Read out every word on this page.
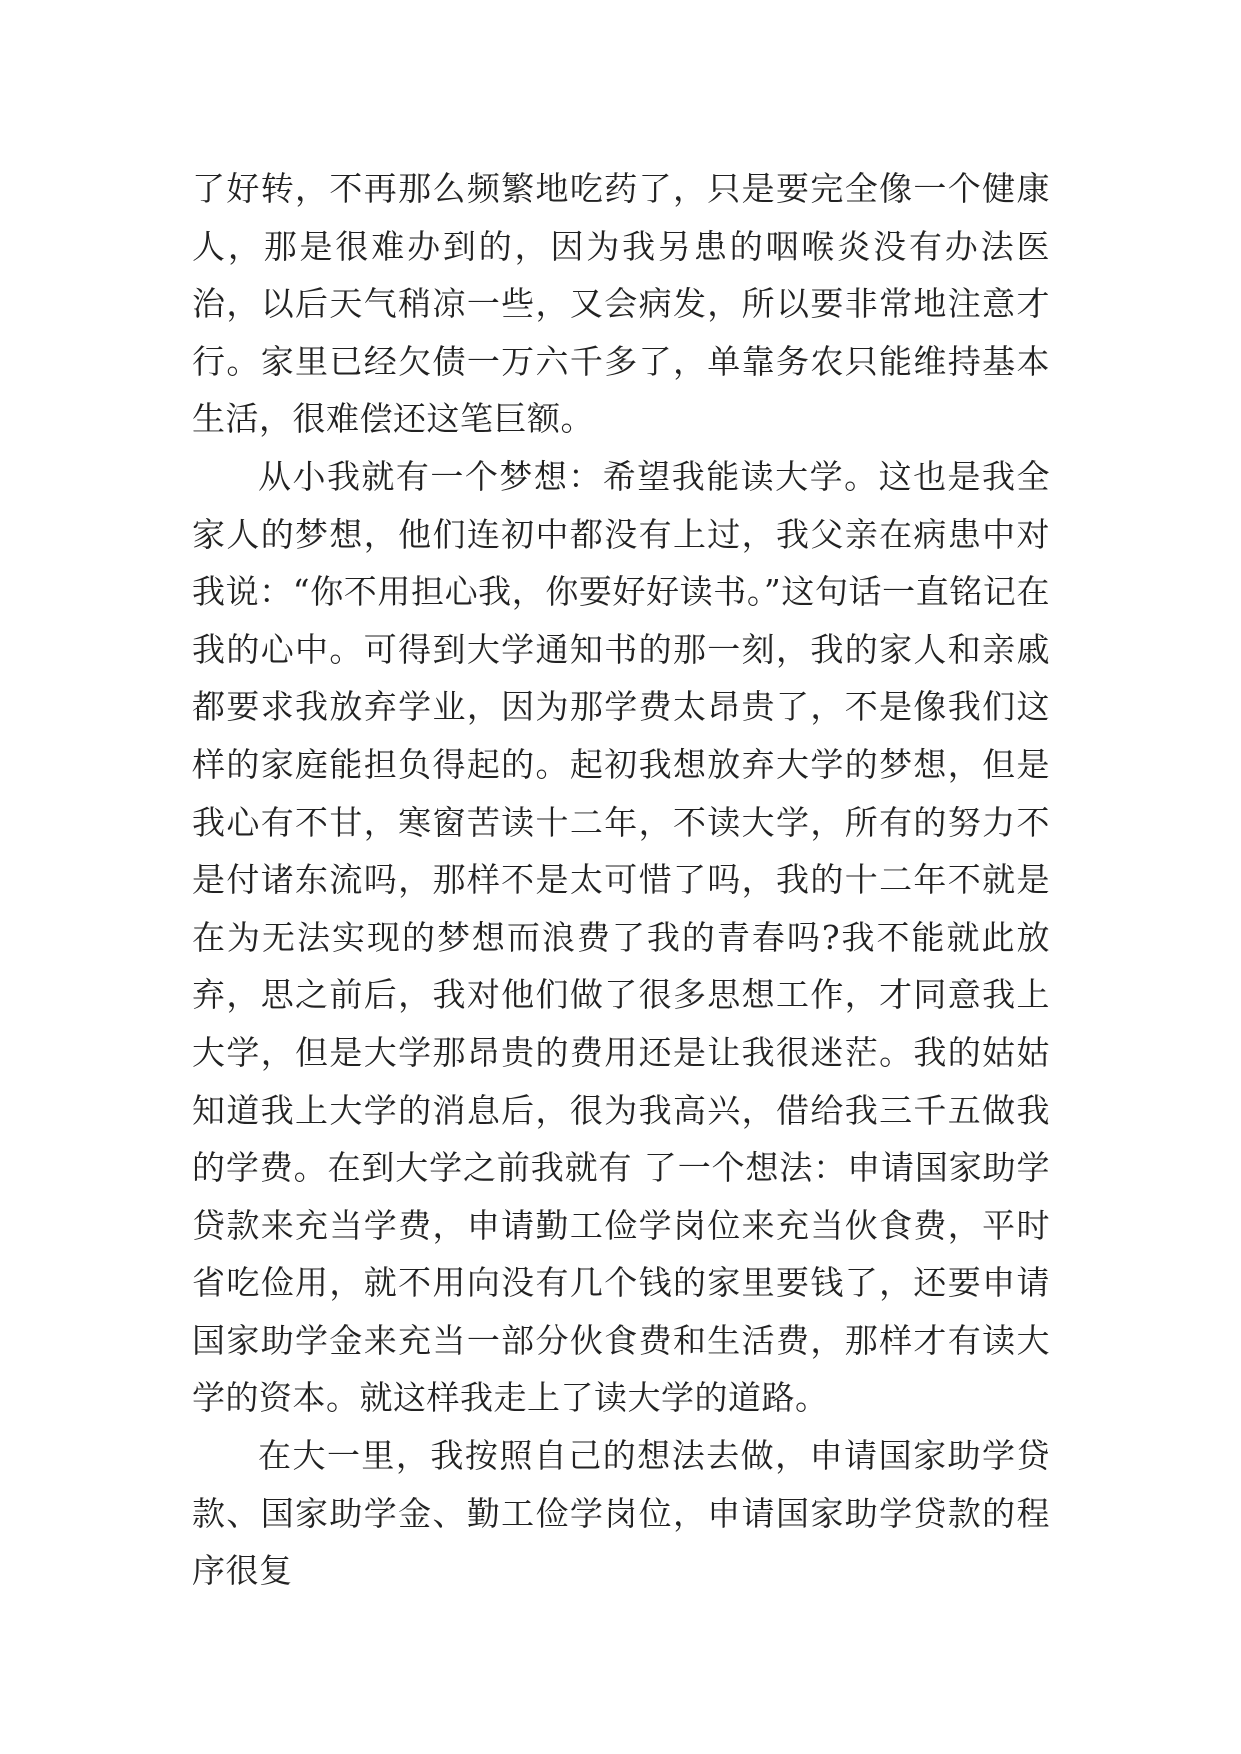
了好转，不再那么频繁地吃药了，只是要完全像一个健康人，那是很难办到的，因为我另患的咽喉炎没有办法医治，以后天气稍凉一些，又会病发，所以要非常地注意才行。家里已经欠债一万六千多了，单靠务农只能维持基本生活，很难偿还这笔巨额。

从小我就有一个梦想：希望我能读大学。这也是我全家人的梦想，他们连初中都没有上过，我父亲在病患中对我说：“你不用担心我，你要好好读书。”这句话一直铭记在我的心中。可得到大学通知书的那一刻，我的家人和亲戚都要求我放弃学业，因为那学费太昂贵了，不是像我们这样的家庭能担负得起的。起初我想放弃大学的梦想，但是我心有不甘，寒窗苦读十二年，不读大学，所有的努力不是付诸东流吗，那样不是太可惜了吗，我的十二年不就是在为无法实现的梦想而浪费了我的青春吗?我不能就此放弃，思之前后，我对他们做了很多思想工作，才同意我上大学，但是大学那昂贵的费用还是让我很迷茫。我的姑姑知道我上大学的消息后，很为我高兴，借给我三千五做我的学费。在到大学之前我就有 了一个想法：申请国家助学贷款来充当学费，申请勤工俭学岗位来充当伙食费，平时省吃俭用，就不用向没有几个钱的家里要钱了，还要申请国家助学金来充当一部分伙食费和生活费，那样才有读大学的资本。就这样我走上了读大学的道路。

在大一里，我按照自己的想法去做，申请国家助学贷款、国家助学金、勤工俭学岗位，申请国家助学贷款的程序很复
